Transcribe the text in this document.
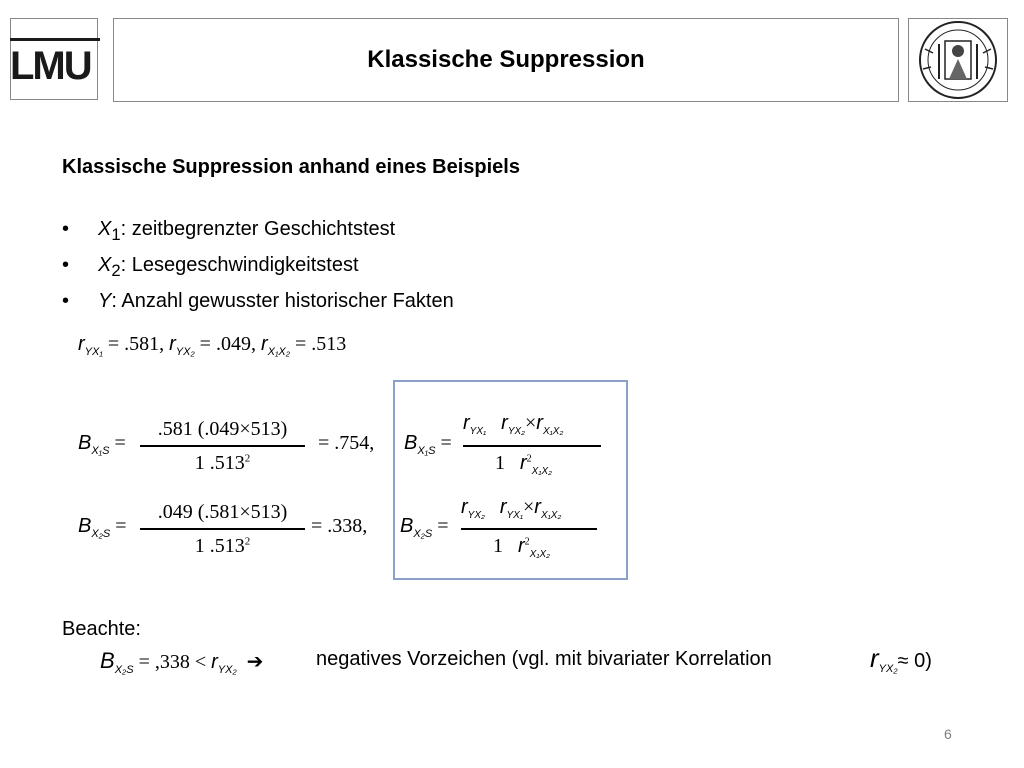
LMU	Klassische Suppression
Klassische Suppression anhand eines Beispiels
• $X_1$: zeitbegrenzter Geschichtstest
• $X_2$: Lesegeschwindigkeitstest
• Y: Anzahl gewusster historischer Fakten
$r_{YX_1} = .581$, $r_{YX_2} = .049$, $r_{X_1X_2} = .513$
$B_{X_1S}$ =
.581 (.049×513)
1 $.513^2$
= .754, $B_{X_1S}$ =
$r_{YX_1}$ $r_{YX_2}\times r_{X_1X_2}$
1   $r^2_{X_1X_2}$
$B_{X_2S}$ =
.049 (.581×513)
1 $.513^2$
= .338, $B_{X_2S}$ =
$r_{YX_2}$ $r_{YX_1}\times r_{X_1X_2}$
1   $r^2_{X_1X_2}$
Beachte:
$B_{X_2S} = ,338 < r_{YX_2}$  ➔	negatives Vorzeichen (vgl. mit bivariater Korrelation	$r_{YX_2}\approx 0$)
6
